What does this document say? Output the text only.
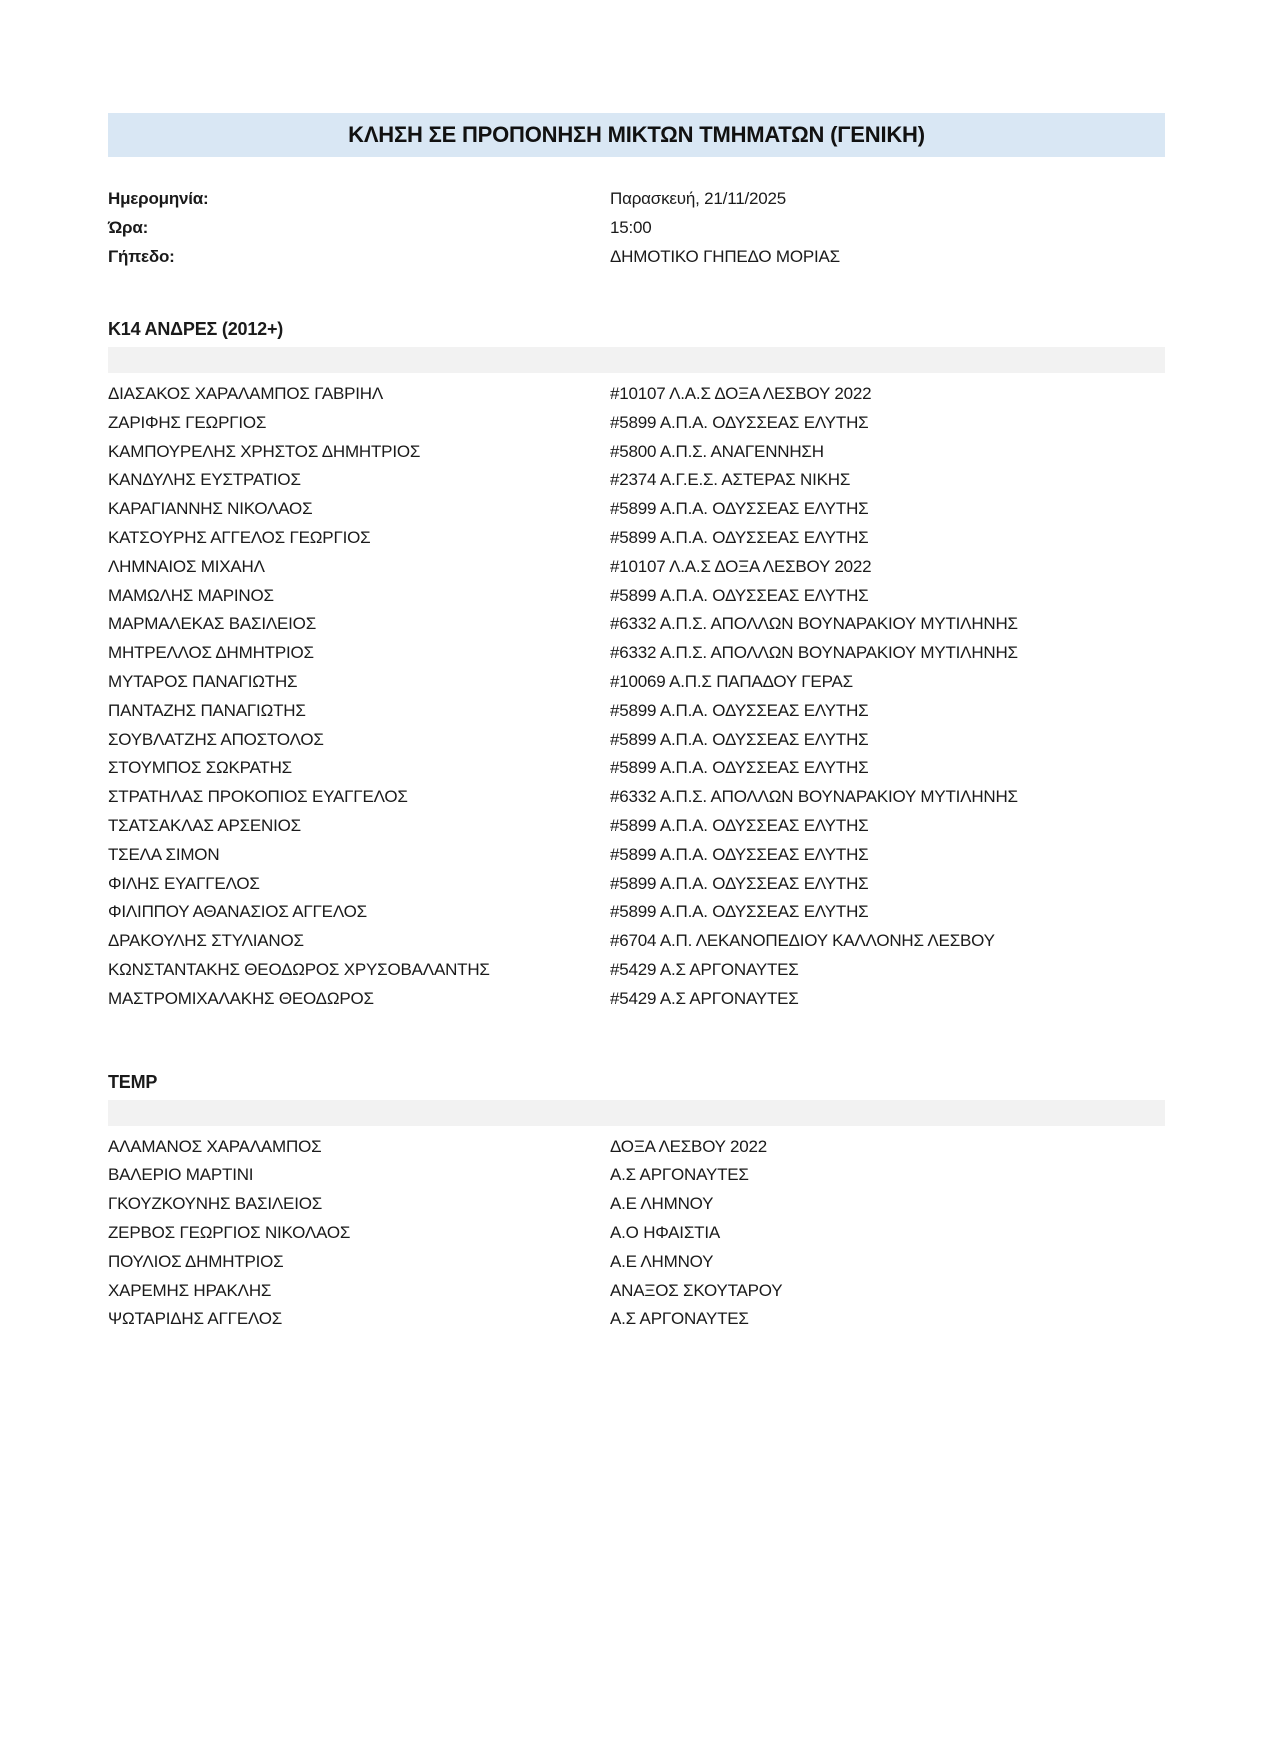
ΚΛΗΣΗ ΣΕ ΠΡΟΠΟΝΗΣΗ ΜΙΚΤΩΝ ΤΜΗΜΑΤΩΝ (ΓΕΝΙΚΗ)
Ημερομηνία:	Παρασκευή, 21/11/2025
Ώρα:	15:00
Γήπεδο:	ΔΗΜΟΤΙΚΟ ΓΗΠΕΔΟ ΜΟΡΙΑΣ
Κ14 ΑΝΔΡΕΣ (2012+)
ΔΙΑΣΑΚΟΣ ΧΑΡΑΛΑΜΠΟΣ ΓΑΒΡΙΗΛ	#10107 Λ.Α.Σ ΔΟΞΑ ΛΕΣΒΟΥ 2022
ΖΑΡΙΦΗΣ ΓΕΩΡΓΙΟΣ	#5899 Α.Π.Α. ΟΔΥΣΣΕΑΣ ΕΛΥΤΗΣ
ΚΑΜΠΟΥΡΕΛΗΣ ΧΡΗΣΤΟΣ ΔΗΜΗΤΡΙΟΣ	#5800 Α.Π.Σ. ΑΝΑΓΕΝΝΗΣΗ
ΚΑΝΔΥΛΗΣ ΕΥΣΤΡΑΤΙΟΣ	#2374 Α.Γ.Ε.Σ. ΑΣΤΕΡΑΣ ΝΙΚΗΣ
ΚΑΡΑΓΙΑΝΝΗΣ ΝΙΚΟΛΑΟΣ	#5899 Α.Π.Α. ΟΔΥΣΣΕΑΣ ΕΛΥΤΗΣ
ΚΑΤΣΟΥΡΗΣ ΑΓΓΕΛΟΣ ΓΕΩΡΓΙΟΣ	#5899 Α.Π.Α. ΟΔΥΣΣΕΑΣ ΕΛΥΤΗΣ
ΛΗΜΝΑΙΟΣ ΜΙΧΑΗΛ	#10107 Λ.Α.Σ ΔΟΞΑ ΛΕΣΒΟΥ 2022
ΜΑΜΩΛΗΣ ΜΑΡΙΝΟΣ	#5899 Α.Π.Α. ΟΔΥΣΣΕΑΣ ΕΛΥΤΗΣ
ΜΑΡΜΑΛΕΚΑΣ ΒΑΣΙΛΕΙΟΣ	#6332 Α.Π.Σ. ΑΠΟΛΛΩΝ ΒΟΥΝΑΡΑΚΙΟΥ ΜΥΤΙΛΗΝΗΣ
ΜΗΤΡΕΛΛΟΣ ΔΗΜΗΤΡΙΟΣ	#6332 Α.Π.Σ. ΑΠΟΛΛΩΝ ΒΟΥΝΑΡΑΚΙΟΥ ΜΥΤΙΛΗΝΗΣ
ΜΥΤΑΡΟΣ ΠΑΝΑΓΙΩΤΗΣ	#10069 Α.Π.Σ ΠΑΠΑΔΟΥ ΓΕΡΑΣ
ΠΑΝΤΑΖΗΣ ΠΑΝΑΓΙΩΤΗΣ	#5899 Α.Π.Α. ΟΔΥΣΣΕΑΣ ΕΛΥΤΗΣ
ΣΟΥΒΛΑΤΖΗΣ ΑΠΟΣΤΟΛΟΣ	#5899 Α.Π.Α. ΟΔΥΣΣΕΑΣ ΕΛΥΤΗΣ
ΣΤΟΥΜΠΟΣ ΣΩΚΡΑΤΗΣ	#5899 Α.Π.Α. ΟΔΥΣΣΕΑΣ ΕΛΥΤΗΣ
ΣΤΡΑΤΗΛΑΣ ΠΡΟΚΟΠΙΟΣ ΕΥΑΓΓΕΛΟΣ	#6332 Α.Π.Σ. ΑΠΟΛΛΩΝ ΒΟΥΝΑΡΑΚΙΟΥ ΜΥΤΙΛΗΝΗΣ
ΤΣΑΤΣΑΚΛΑΣ ΑΡΣΕΝΙΟΣ	#5899 Α.Π.Α. ΟΔΥΣΣΕΑΣ ΕΛΥΤΗΣ
ΤΣΕΛΑ ΣΙΜΟΝ	#5899 Α.Π.Α. ΟΔΥΣΣΕΑΣ ΕΛΥΤΗΣ
ΦΙΛΗΣ ΕΥΑΓΓΕΛΟΣ	#5899 Α.Π.Α. ΟΔΥΣΣΕΑΣ ΕΛΥΤΗΣ
ΦΙΛΙΠΠΟΥ ΑΘΑΝΑΣΙΟΣ ΑΓΓΕΛΟΣ	#5899 Α.Π.Α. ΟΔΥΣΣΕΑΣ ΕΛΥΤΗΣ
ΔΡΑΚΟΥΛΗΣ ΣΤΥΛΙΑΝΟΣ	#6704 Α.Π. ΛΕΚΑΝΟΠΕΔΙΟΥ ΚΑΛΛΟΝΗΣ ΛΕΣΒΟΥ
ΚΩΝΣΤΑΝΤΑΚΗΣ ΘΕΟΔΩΡΟΣ ΧΡΥΣΟΒΑΛΑΝΤΗΣ	#5429 Α.Σ ΑΡΓΟΝΑΥΤΕΣ
ΜΑΣΤΡΟΜΙΧΑΛΑΚΗΣ ΘΕΟΔΩΡΟΣ	#5429 Α.Σ ΑΡΓΟΝΑΥΤΕΣ
TEMP
ΑΛΑΜΑΝΟΣ ΧΑΡΑΛΑΜΠΟΣ	ΔΟΞΑ ΛΕΣΒΟΥ 2022
ΒΑΛΕΡΙΟ ΜΑΡΤΙΝΙ	Α.Σ ΑΡΓΟΝΑΥΤΕΣ
ΓΚΟΥΖΚΟΥΝΗΣ ΒΑΣΙΛΕΙΟΣ	Α.Ε ΛΗΜΝΟΥ
ΖΕΡΒΟΣ ΓΕΩΡΓΙΟΣ ΝΙΚΟΛΑΟΣ	Α.Ο ΗΦΑΙΣΤΙΑ
ΠΟΥΛΙΟΣ ΔΗΜΗΤΡΙΟΣ	Α.Ε ΛΗΜΝΟΥ
ΧΑΡΕΜΗΣ ΗΡΑΚΛΗΣ	ΑΝΑΞΟΣ ΣΚΟΥΤΑΡΟΥ
ΨΩΤΑΡΙΔΗΣ ΑΓΓΕΛΟΣ	Α.Σ ΑΡΓΟΝΑΥΤΕΣ
